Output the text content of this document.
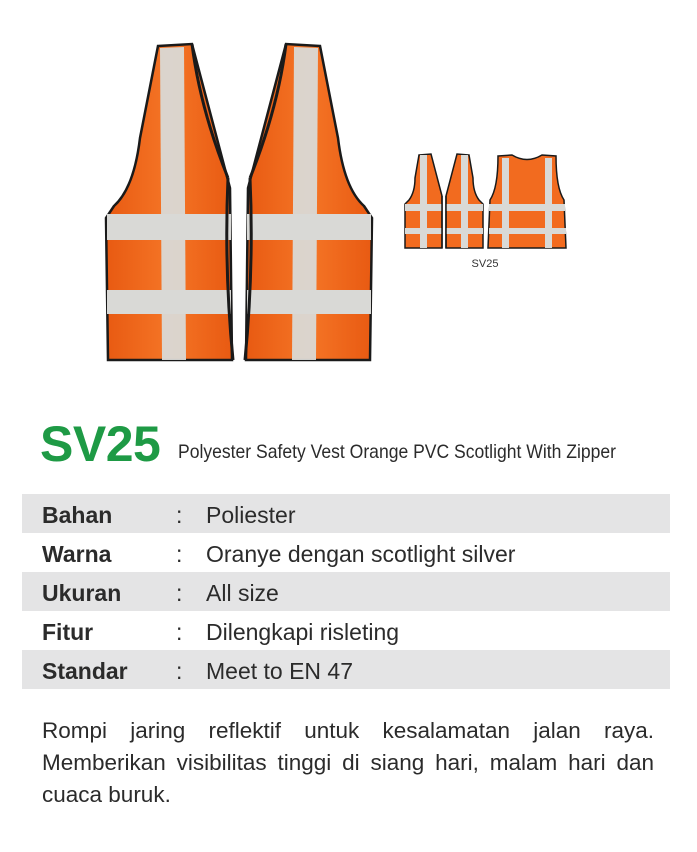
SV25
SV25 Polyester Safety Vest Orange PVC Scotlight With Zipper
Bahan	: Poliester
Warna	: Oranye dengan scotlight silver
Ukuran : All size
Fitur	: Dilengkapi risleting
Standar : Meet to EN 47
Rompi jaring reflektif untuk kesalamatan jalan raya. Memberikan visibilitas tinggi di siang hari, malam hari dan cuaca buruk.
